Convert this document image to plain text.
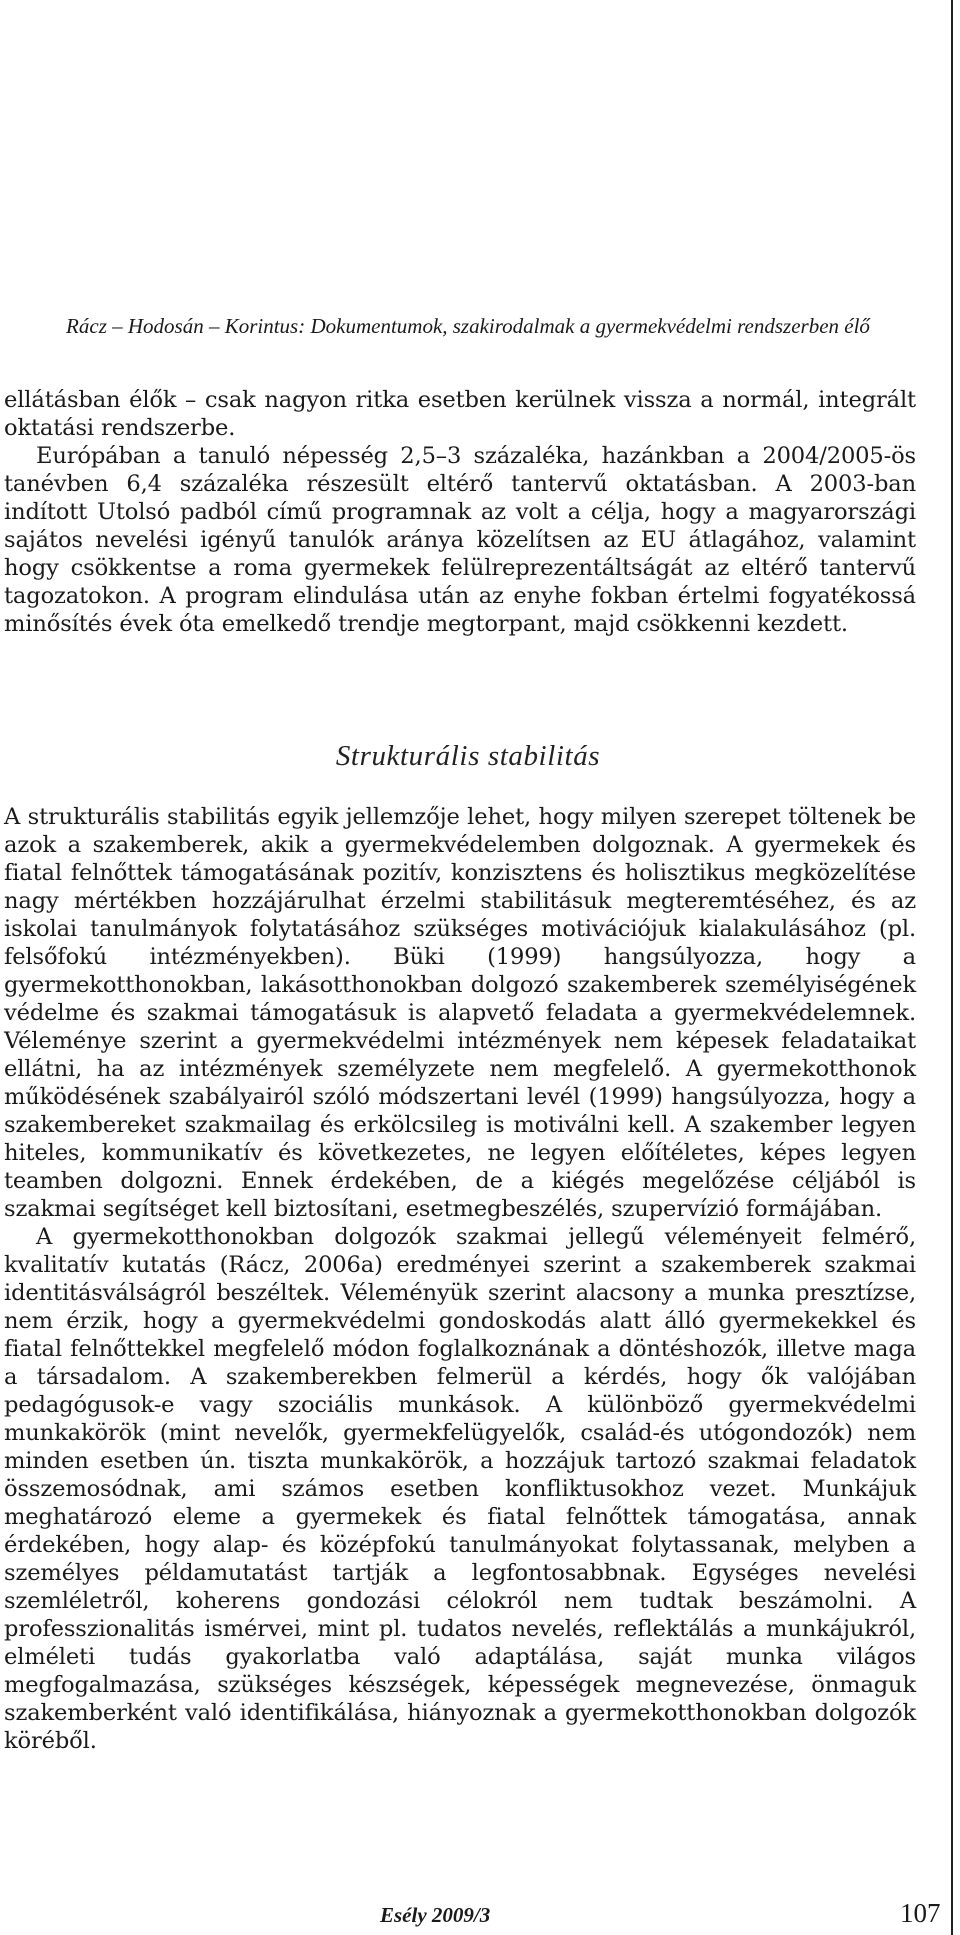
Rácz – Hodosán – Korintus: Dokumentumok, szakirodalmak a gyermekvédelmi rendszerben élő

ellátásban élők – csak nagyon ritka esetben kerülnek vissza a normál, integrált oktatási rendszerbe.

Európában a tanuló népesség 2,5–3 százaléka, hazánkban a 2004/2005-ös tanévben 6,4 százaléka részesült eltérő tantervű oktatásban. A 2003-ban indított Utolsó padból című programnak az volt a célja, hogy a magyarországi sajátos nevelési igényű tanulók aránya közelítsen az EU átlagához, valamint hogy csökkentse a roma gyermekek felülreprezentáltságát az eltérő tantervű tagozatokon. A program elindulása után az enyhe fokban értelmi fogyatékossá minősítés évek óta emelkedő trendje megtorpant, majd csökkenni kezdett.

Strukturális stabilitás

A strukturális stabilitás egyik jellemzője lehet, hogy milyen szerepet töltenek be azok a szakemberek, akik a gyermekvédelemben dolgoznak. A gyermekek és fiatal felnőttek támogatásának pozitív, konzisztens és holisztikus megközelítése nagy mértékben hozzájárulhat érzelmi stabilitásuk megteremtéséhez, és az iskolai tanulmányok folytatásához szükséges motivációjuk kialakulásához (pl. felsőfokú intézményekben). Büki (1999) hangsúlyozza, hogy a gyermekotthonokban, lakásotthonokban dolgozó szakemberek személyiségének védelme és szakmai támogatásuk is alapvető feladata a gyermekvédelemnek. Véleménye szerint a gyermekvédelmi intézmények nem képesek feladataikat ellátni, ha az intézmények személyzete nem megfelelő. A gyermekotthonok működésének szabályairól szóló módszertani levél (1999) hangsúlyozza, hogy a szakembereket szakmailag és erkölcsileg is motiválni kell. A szakember legyen hiteles, kommunikatív és következetes, ne legyen előítéletes, képes legyen teamben dolgozni. Ennek érdekében, de a kiégés megelőzése céljából is szakmai segítséget kell biztosítani, esetmegbeszélés, szupervízió formájában.

A gyermekotthonokban dolgozók szakmai jellegű véleményeit felmérő, kvalitatív kutatás (Rácz, 2006a) eredményei szerint a szakemberek szakmai identitásválságról beszéltek. Véleményük szerint alacsony a munka presztízse, nem érzik, hogy a gyermekvédelmi gondoskodás alatt álló gyermekekkel és fiatal felnőttekkel megfelelő módon foglalkoznának a döntéshozók, illetve maga a társadalom. A szakemberekben felmerül a kérdés, hogy ők valójában pedagógusok-e vagy szociális munkások. A különböző gyermekvédelmi munkakörök (mint nevelők, gyermekfelügyelők, család-és utógondozók) nem minden esetben ún. tiszta munkakörök, a hozzájuk tartozó szakmai feladatok összemosódnak, ami számos esetben konfliktusokhoz vezet. Munkájuk meghatározó eleme a gyermekek és fiatal felnőttek támogatása, annak érdekében, hogy alap- és középfokú tanulmányokat folytassanak, melyben a személyes példamutatást tartják a legfontosabbnak. Egységes nevelési szemléletről, koherens gondozási célokról nem tudtak beszámolni. A professzionalitás ismérvei, mint pl. tudatos nevelés, reflektálás a munkájukról, elméleti tudás gyakorlatba való adaptálása, saját munka világos megfogalmazása, szükséges készségek, képességek megnevezése, önmaguk szakemberként való identifikálása, hiányoznak a gyermekotthonokban dolgozók köréből.

Esély 2009/3	107
